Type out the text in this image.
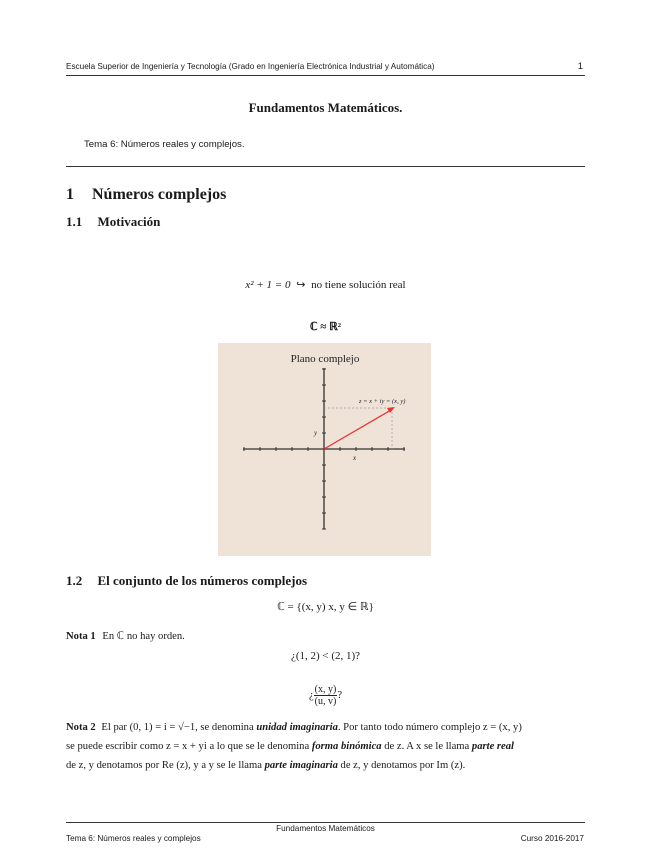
Escuela Superior de Ingeniería y Tecnología (Grado en Ingeniería Electrónica Industrial y Automática)	1
Fundamentos Matemáticos.
Tema 6: Números reales y complejos.
1 Números complejos
1.1 Motivación
x² + 1 = 0 ↪ no tiene solución real
ℂ ≈ ℝ²
Plano complejo
z = x + iy = (x, y)
x
y
1.2 El conjunto de los números complejos
ℂ = {(x, y) x, y ∈ ℝ}
Nota 1 En ℂ no hay orden.
¿(1, 2) < (2, 1)?
¿ $\frac{(x, y)}{(u, v)}$ ?
Nota 2 El par (0, 1) = i = √−1, se denomina unidad imaginaria. Por tanto todo número complejo z = (x, y)
se puede escribir como z = x + yi a lo que se le denomina forma binómica de z. A x se le llama parte real
de z, y denotamos por Re (z), y a y se le llama parte imaginaria de z, y denotamos por Im (z).
Fundamentos Matemáticos
Tema 6: Números reales y complejos	Curso 2016-2017
